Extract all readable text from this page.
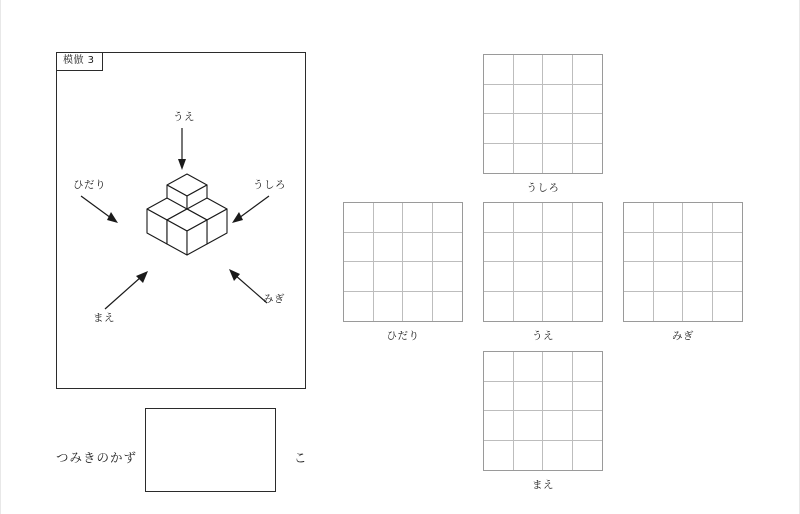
模倣 3
うえ
ひだり	うしろ
まえ
みぎ
つみきのかず	こ
うしろ
ひだり	うえ	みぎ
まえ
